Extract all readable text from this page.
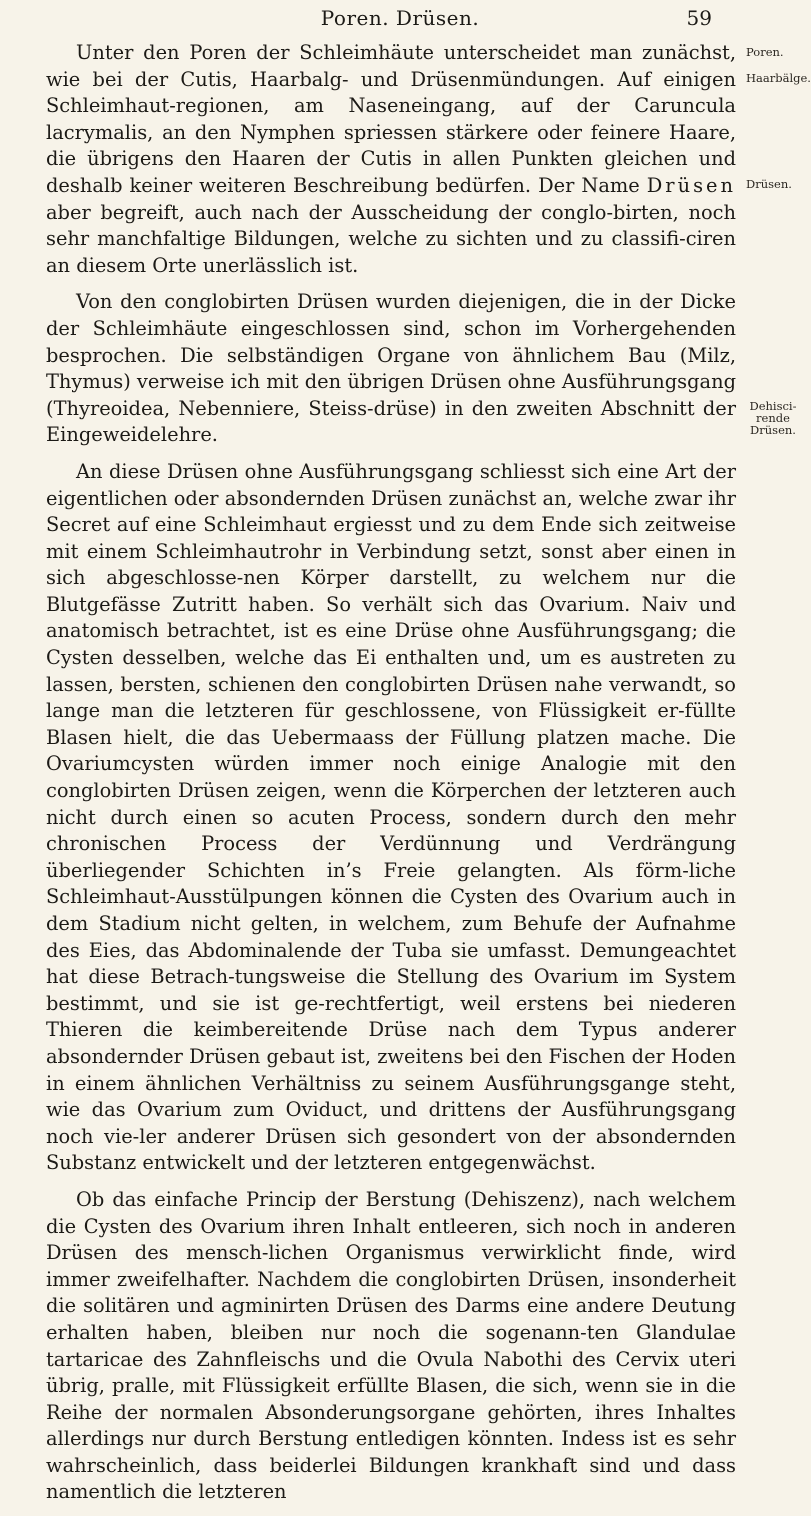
Poren. Drüsen.	59

Unter den Poren der Schleimhäute unterscheidet man zunächst, wie bei der Cutis, Haarbalg- und Drüsenmündungen. Auf einigen Schleimhaut-regionen, am Naseneingang, auf der Caruncula lacrymalis, an den Nymphen spriessen stärkere oder feinere Haare, die übrigens den Haaren der Cutis in allen Punkten gleichen und deshalb keiner weiteren Beschreibung bedürfen. Der Name Drüsen aber begreift, auch nach der Ausscheidung der conglo-birten, noch sehr manchfaltige Bildungen, welche zu sichten und zu classifi-ciren an diesem Orte unerlässlich ist.

Von den conglobirten Drüsen wurden diejenigen, die in der Dicke der Schleimhäute eingeschlossen sind, schon im Vorhergehenden besprochen. Die selbständigen Organe von ähnlichem Bau (Milz, Thymus) verweise ich mit den übrigen Drüsen ohne Ausführungsgang (Thyreoidea, Nebenniere, Steiss-drüse) in den zweiten Abschnitt der Eingeweidelehre.

An diese Drüsen ohne Ausführungsgang schliesst sich eine Art der eigentlichen oder absondernden Drüsen zunächst an, welche zwar ihr Secret auf eine Schleimhaut ergiesst und zu dem Ende sich zeitweise mit einem Schleimhautrohr in Verbindung setzt, sonst aber einen in sich abgeschlosse-nen Körper darstellt, zu welchem nur die Blutgefässe Zutritt haben. So verhält sich das Ovarium. Naiv und anatomisch betrachtet, ist es eine Drüse ohne Ausführungsgang; die Cysten desselben, welche das Ei enthalten und, um es austreten zu lassen, bersten, schienen den conglobirten Drüsen nahe verwandt, so lange man die letzteren für geschlossene, von Flüssigkeit er-füllte Blasen hielt, die das Uebermaass der Füllung platzen mache. Die Ovariumcysten würden immer noch einige Analogie mit den conglobirten Drüsen zeigen, wenn die Körperchen der letzteren auch nicht durch einen so acuten Process, sondern durch den mehr chronischen Process der Verdünnung und Verdrängung überliegender Schichten in’s Freie gelangten. Als förm-liche Schleimhaut-Ausstülpungen können die Cysten des Ovarium auch in dem Stadium nicht gelten, in welchem, zum Behufe der Aufnahme des Eies, das Abdominalende der Tuba sie umfasst. Demungeachtet hat diese Betrach-tungsweise die Stellung des Ovarium im System bestimmt, und sie ist ge-rechtfertigt, weil erstens bei niederen Thieren die keimbereitende Drüse nach dem Typus anderer absondernder Drüsen gebaut ist, zweitens bei den Fischen der Hoden in einem ähnlichen Verhältniss zu seinem Ausführungsgange steht, wie das Ovarium zum Oviduct, und drittens der Ausführungsgang noch vie-ler anderer Drüsen sich gesondert von der absondernden Substanz entwickelt und der letzteren entgegenwächst.

Ob das einfache Princip der Berstung (Dehiszenz), nach welchem die Cysten des Ovarium ihren Inhalt entleeren, sich noch in anderen Drüsen des mensch-lichen Organismus verwirklicht finde, wird immer zweifelhafter. Nachdem die conglobirten Drüsen, insonderheit die solitären und agminirten Drüsen des Darms eine andere Deutung erhalten haben, bleiben nur noch die sogenann-ten Glandulae tartaricae des Zahnfleischs und die Ovula Nabothi des Cervix uteri übrig, pralle, mit Flüssigkeit erfüllte Blasen, die sich, wenn sie in die Reihe der normalen Absonderungsorgane gehörten, ihres Inhaltes allerdings nur durch Berstung entledigen könnten. Indess ist es sehr wahrscheinlich, dass beiderlei Bildungen krankhaft sind und dass namentlich die letzteren

Poren.
Haarbälge.
Drüsen.
Dehisci-
rende
Drüsen.
